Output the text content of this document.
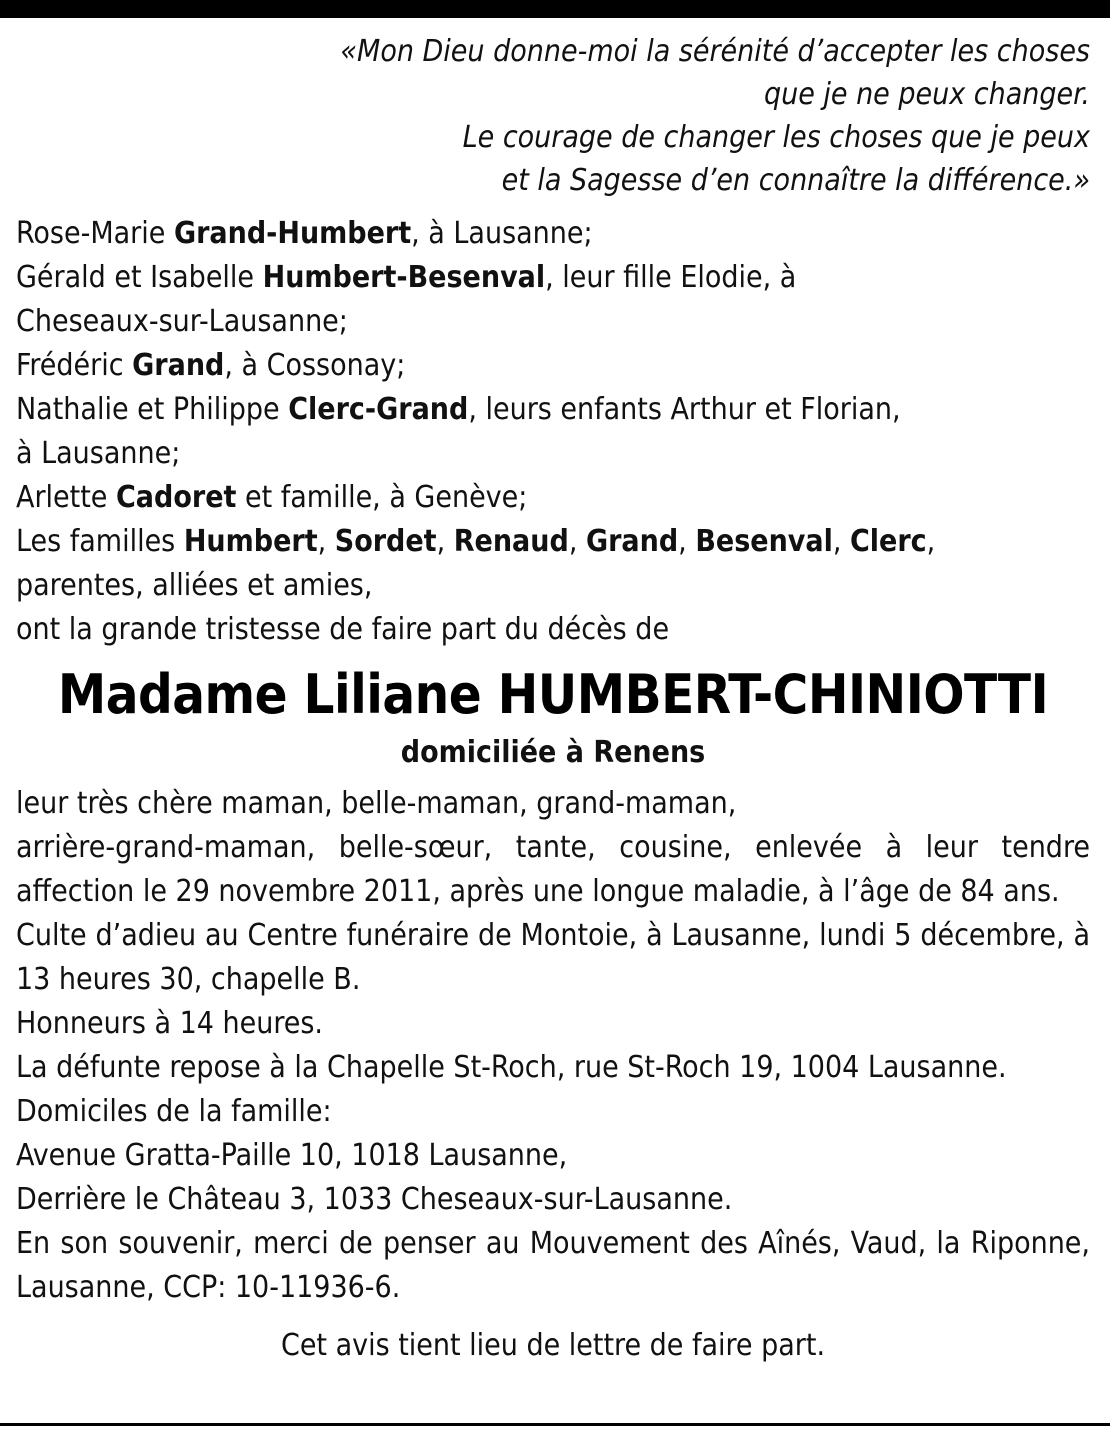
«Mon Dieu donne-moi la sérénité d’accepter les choses
que je ne peux changer.
Le courage de changer les choses que je peux
et la Sagesse d’en connaître la différence.»
Rose-Marie Grand-Humbert, à Lausanne;
Gérald et Isabelle Humbert-Besenval, leur fille Elodie, à
Cheseaux-sur-Lausanne;
Frédéric Grand, à Cossonay;
Nathalie et Philippe Clerc-Grand, leurs enfants Arthur et Florian,
à Lausanne;
Arlette Cadoret et famille, à Genève;
Les familles Humbert, Sordet, Renaud, Grand, Besenval, Clerc,
parentes, alliées et amies,
ont la grande tristesse de faire part du décès de
Madame Liliane HUMBERT-CHINIOTTI
domiciliée à Renens
leur très chère maman, belle-maman, grand-maman,
arrière-grand-maman, belle-sœur, tante, cousine, enlevée à leur tendre affection le 29 novembre 2011, après une longue maladie, à l’âge de 84 ans.
Culte d’adieu au Centre funéraire de Montoie, à Lausanne, lundi 5 décembre, à 13 heures 30, chapelle B.
Honneurs à 14 heures.
La défunte repose à la Chapelle St-Roch, rue St-Roch 19, 1004 Lausanne.
Domiciles de la famille:
Avenue Gratta-Paille 10, 1018 Lausanne,
Derrière le Château 3, 1033 Cheseaux-sur-Lausanne.
En son souvenir, merci de penser au Mouvement des Aînés, Vaud, la Riponne, Lausanne, CCP: 10-11936-6.
Cet avis tient lieu de lettre de faire part.
